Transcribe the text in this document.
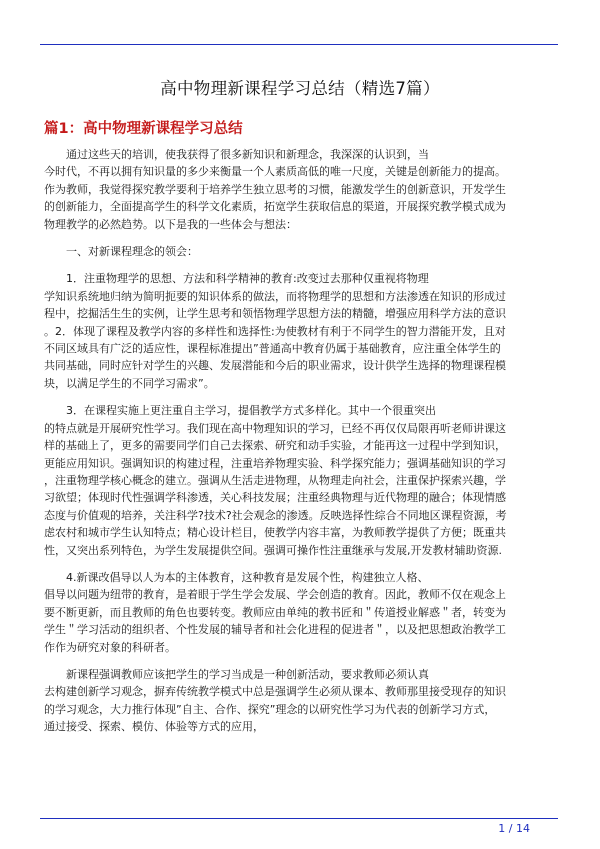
高中物理新课程学习总结（精选7篇）
篇1：高中物理新课程学习总结

通过这些天的培训，使我获得了很多新知识和新理念，我深深的认识到，当

今时代，不再以拥有知识量的多少来衡量一个人素质高低的唯一尺度，关键是创新能力的提高。

作为教师，我觉得探究教学要利于培养学生独立思考的习惯，能激发学生的创新意识，开发学生

的创新能力，全面提高学生的科学文化素质，拓宽学生获取信息的渠道，开展探究教学模式成为

物理教学的必然趋势。以下是我的一些体会与想法：

一、对新课程理念的领会：

1．注重物理学的思想、方法和科学精神的教育:改变过去那种仅重视将物理

学知识系统地归纳为简明扼要的知识体系的做法，而将物理学的思想和方法渗透在知识的形成过

程中，挖掘活生生的实例，让学生思考和领悟物理学思想方法的精髓，增强应用科学方法的意识

。2．体现了课程及教学内容的多样性和选择性:为使教材有利于不同学生的智力潜能开发，且对

不同区域具有广泛的适应性，课程标准提出”普通高中教育仍属于基础教育，应注重全体学生的

共同基础，同时应针对学生的兴趣、发展潜能和今后的职业需求，设计供学生选择的物理课程模

块，以满足学生的不同学习需求”。

3．在课程实施上更注重自主学习，提倡教学方式多样化。其中一个很重突出

的特点就是开展研究性学习。我们现在高中物理知识的学习，已经不再仅仅局限再听老师讲课这

样的基础上了，更多的需要同学们自己去探索、研究和动手实验，才能再这一过程中学到知识，

更能应用知识。强调知识的构建过程，注重培养物理实验、科学探究能力；强调基础知识的学习

，注重物理学核心概念的建立。强调从生活走进物理，从物理走向社会，注重保护探索兴趣，学

习欲望；体现时代性强调学科渗透，关心科技发展；注重经典物理与近代物理的融合；体现情感

态度与价值观的培养，关注科学?技术?社会观念的渗透。反映选择性综合不同地区课程资源，考

虑农村和城市学生认知特点；精心设计栏目，使教学内容丰富，为教师教学提供了方便；既重共

性，又突出系列特色，为学生发展提供空间。强调可操作性注重继承与发展,开发教材辅助资源.

4.新课改倡导以人为本的主体教育，这种教育是发展个性，构建独立人格、

倡导以问题为纽带的教育，是着眼于学生学会发展、学会创造的教育。因此，教师不仅在观念上

要不断更新，而且教师的角色也要转变。教师应由单纯的教书匠和＂传道授业解惑＂者，转变为

学生＂学习活动的组织者、个性发展的辅导者和社会化进程的促进者＂，以及把思想政治教学工

作作为研究对象的科研者。

新课程强调教师应该把学生的学习当成是一种创新活动，要求教师必须认真

去构建创新学习观念，摒弃传统教学模式中总是强调学生必须从课本、教师那里接受现存的知识

的学习观念，大力推行体现”自主、合作、探究”理念的以研究性学习为代表的创新学习方式，

通过接受、探索、模仿、体验等方式的应用，

1 / 14
